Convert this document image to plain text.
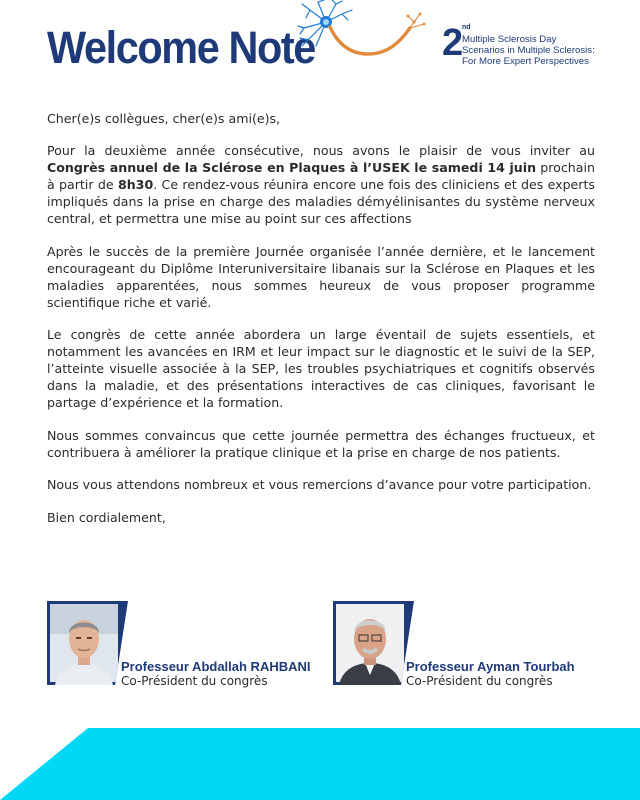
Welcome Note	2
nd
Multiple Sclerosis Day
Scenarios in Multiple Sclerosis:
For More Expert Perspectives

Cher(e)s collègues, cher(e)s ami(e)s,

Pour la deuxième année consécutive, nous avons le plaisir de vous inviter au Congrès annuel de la Sclérose en Plaques à l’USEK le samedi 14 juin prochain à partir de 8h30. Ce rendez-vous réunira encore une fois des cliniciens et des experts impliqués dans la prise en charge des maladies démyélinisantes du système nerveux central, et permettra une mise au point sur ces affections

Après le succès de la première Journée organisée l’année dernière, et le lancement encourageant du Diplôme Interuniversitaire libanais sur la Sclérose en Plaques et les maladies apparentées, nous sommes heureux de vous proposer programme scientifique riche et varié.

Le congrès de cette année abordera un large éventail de sujets essentiels, et notamment les avancées en IRM et leur impact sur le diagnostic et le suivi de la SEP, l’atteinte visuelle associée à la SEP, les troubles psychiatriques et cognitifs observés dans la maladie, et des présentations interactives de cas cliniques, favorisant le partage d’expérience et la formation.

Nous sommes convaincus que cette journée permettra des échanges fructueux, et contribuera à améliorer la pratique clinique et la prise en charge de nos patients.

Nous vous attendons nombreux et vous remercions d’avance pour votre participation.

Bien cordialement,

Professeur Abdallah RAHBANI
Co-Président du congrès
Professeur Ayman Tourbah
Co-Président du congrès
